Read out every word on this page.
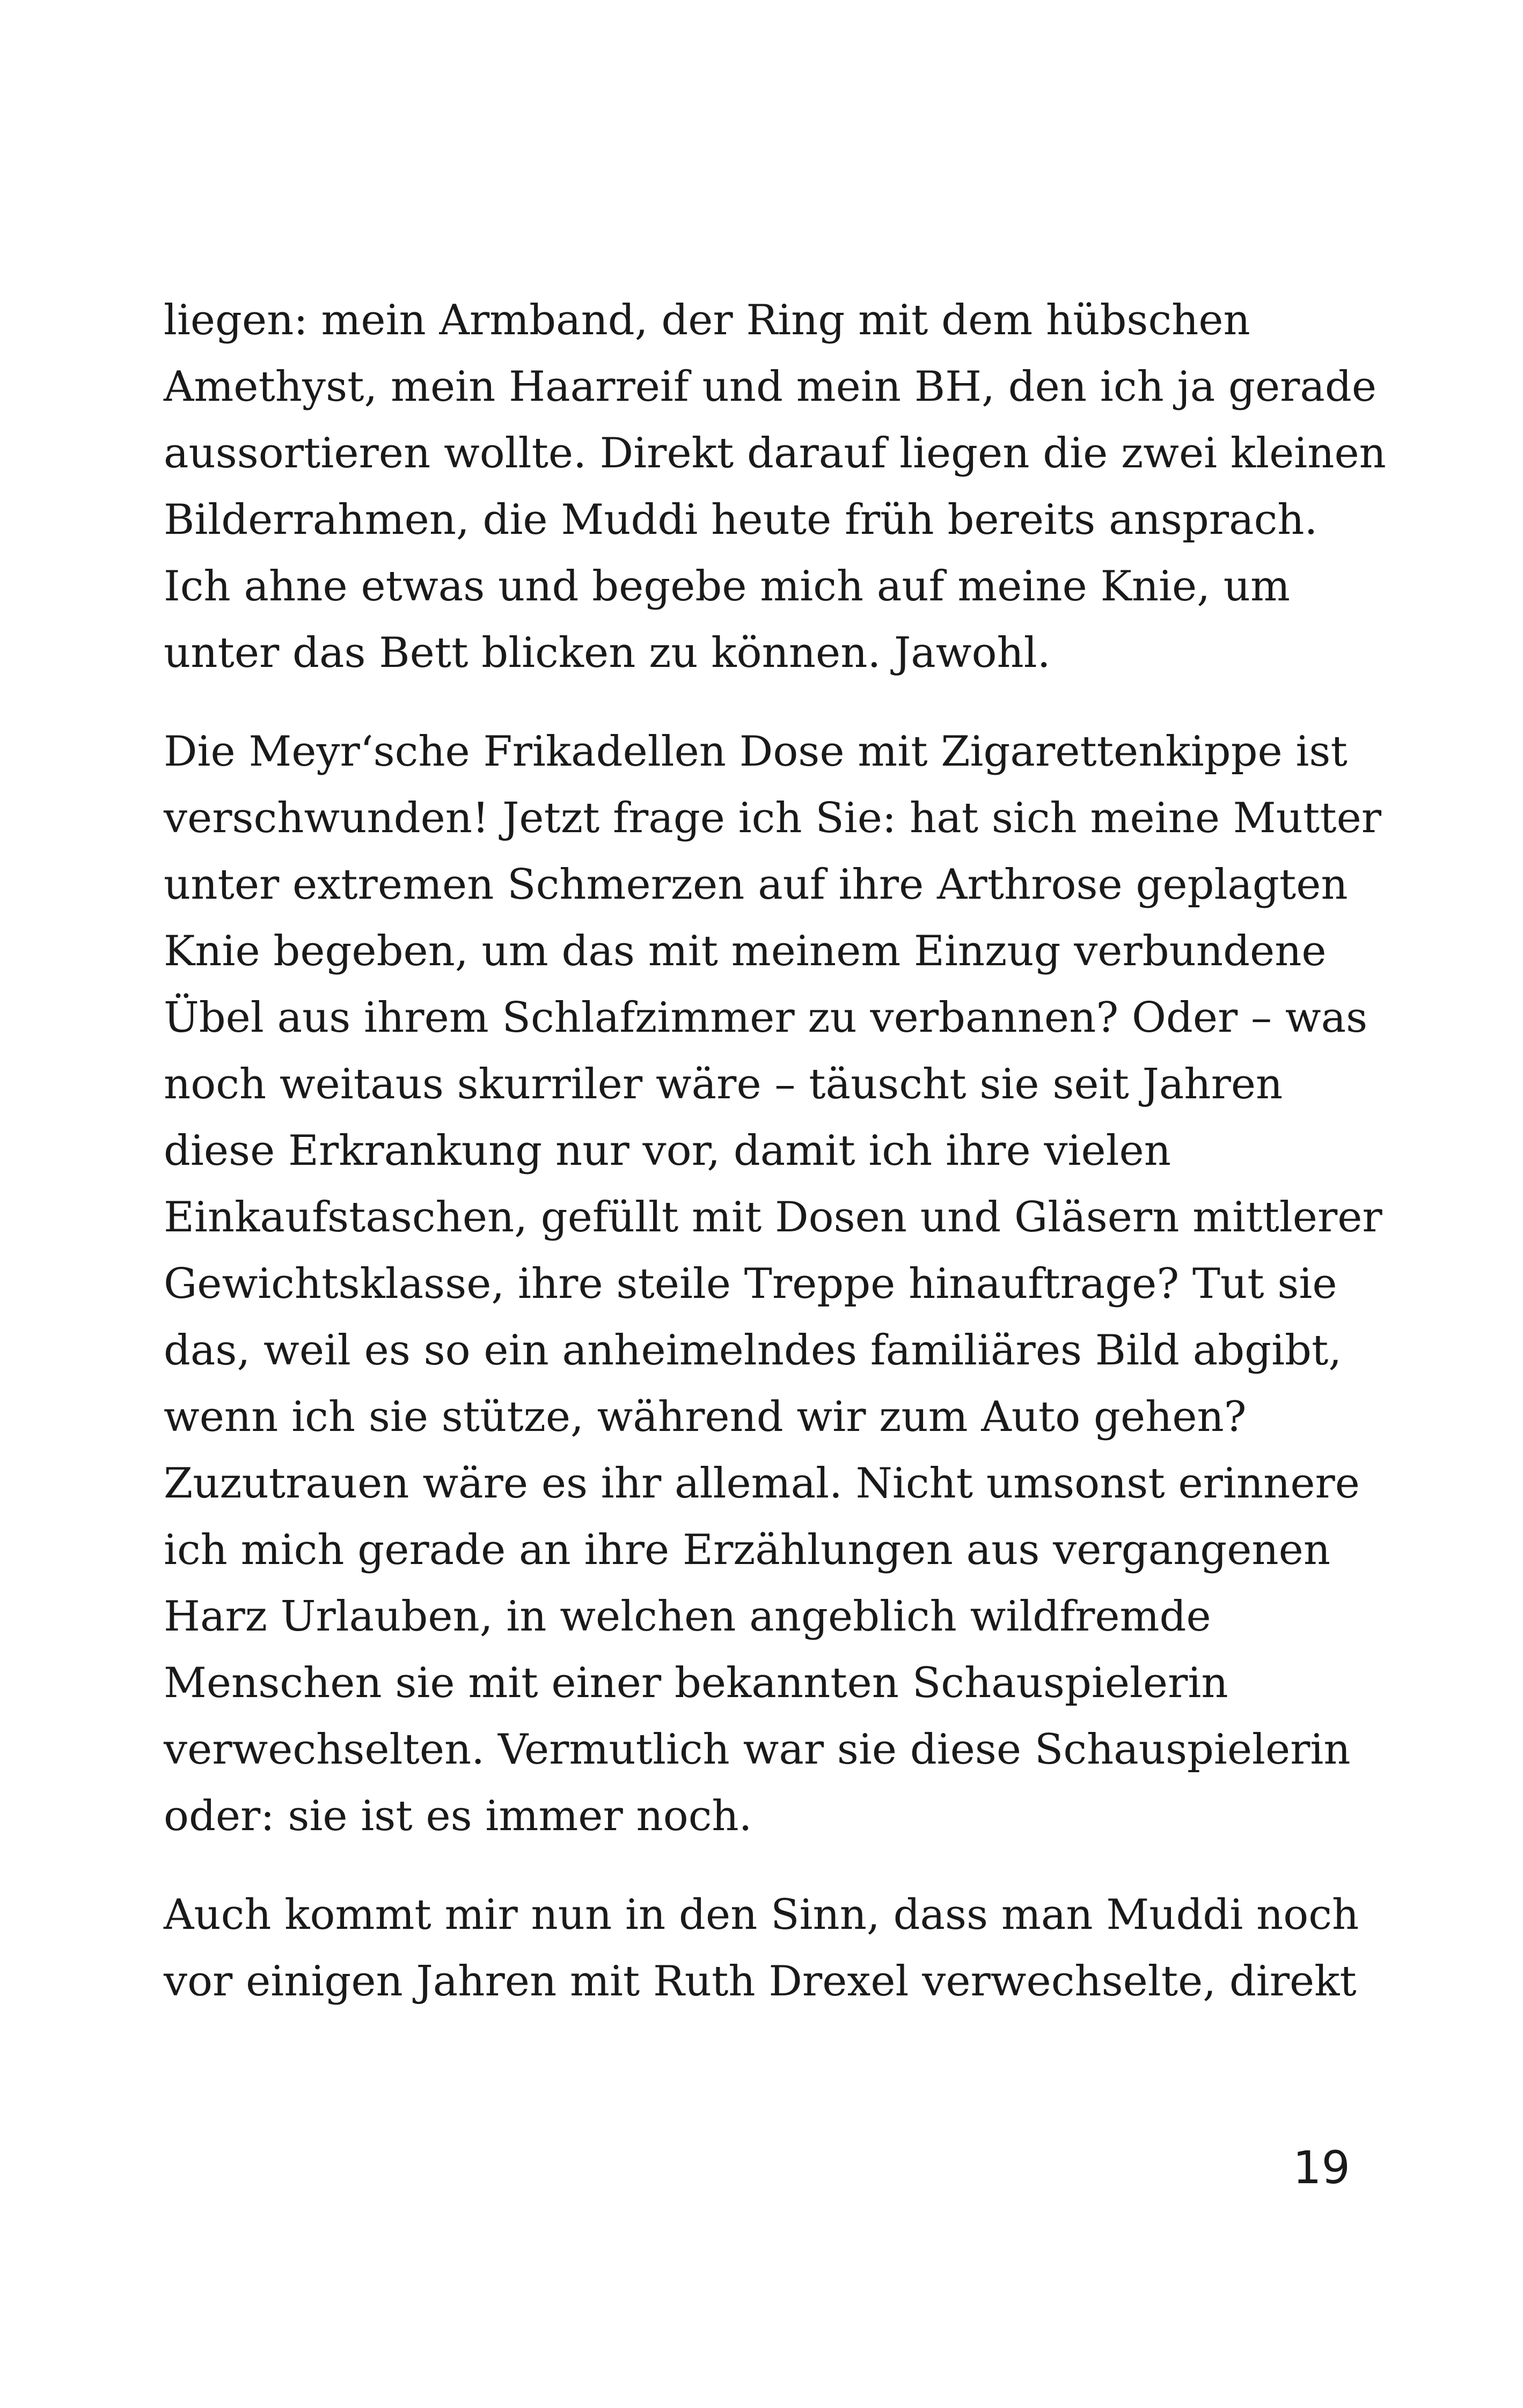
liegen: mein Armband, der Ring mit dem hübschen
Amethyst, mein Haarreif und mein BH, den ich ja gerade
aussortieren wollte. Direkt darauf liegen die zwei kleinen
Bilderrahmen, die Muddi heute früh bereits ansprach.
Ich ahne etwas und begebe mich auf meine Knie, um
unter das Bett blicken zu können. Jawohl.

Die Meyr‘sche Frikadellen Dose mit Zigarettenkippe ist
verschwunden! Jetzt frage ich Sie: hat sich meine Mutter
unter extremen Schmerzen auf ihre Arthrose geplagten
Knie begeben, um das mit meinem Einzug verbundene
Übel aus ihrem Schlafzimmer zu verbannen? Oder – was
noch weitaus skurriler wäre – täuscht sie seit Jahren
diese Erkrankung nur vor, damit ich ihre vielen
Einkaufstaschen, gefüllt mit Dosen und Gläsern mittlerer
Gewichtsklasse, ihre steile Treppe hinauftrage? Tut sie
das, weil es so ein anheimelndes familiäres Bild abgibt,
wenn ich sie stütze, während wir zum Auto gehen?
Zuzutrauen wäre es ihr allemal. Nicht umsonst erinnere
ich mich gerade an ihre Erzählungen aus vergangenen
Harz Urlauben, in welchen angeblich wildfremde
Menschen sie mit einer bekannten Schauspielerin
verwechselten. Vermutlich war sie diese Schauspielerin
oder: sie ist es immer noch.

Auch kommt mir nun in den Sinn, dass man Muddi noch
vor einigen Jahren mit Ruth Drexel verwechselte, direkt

19
